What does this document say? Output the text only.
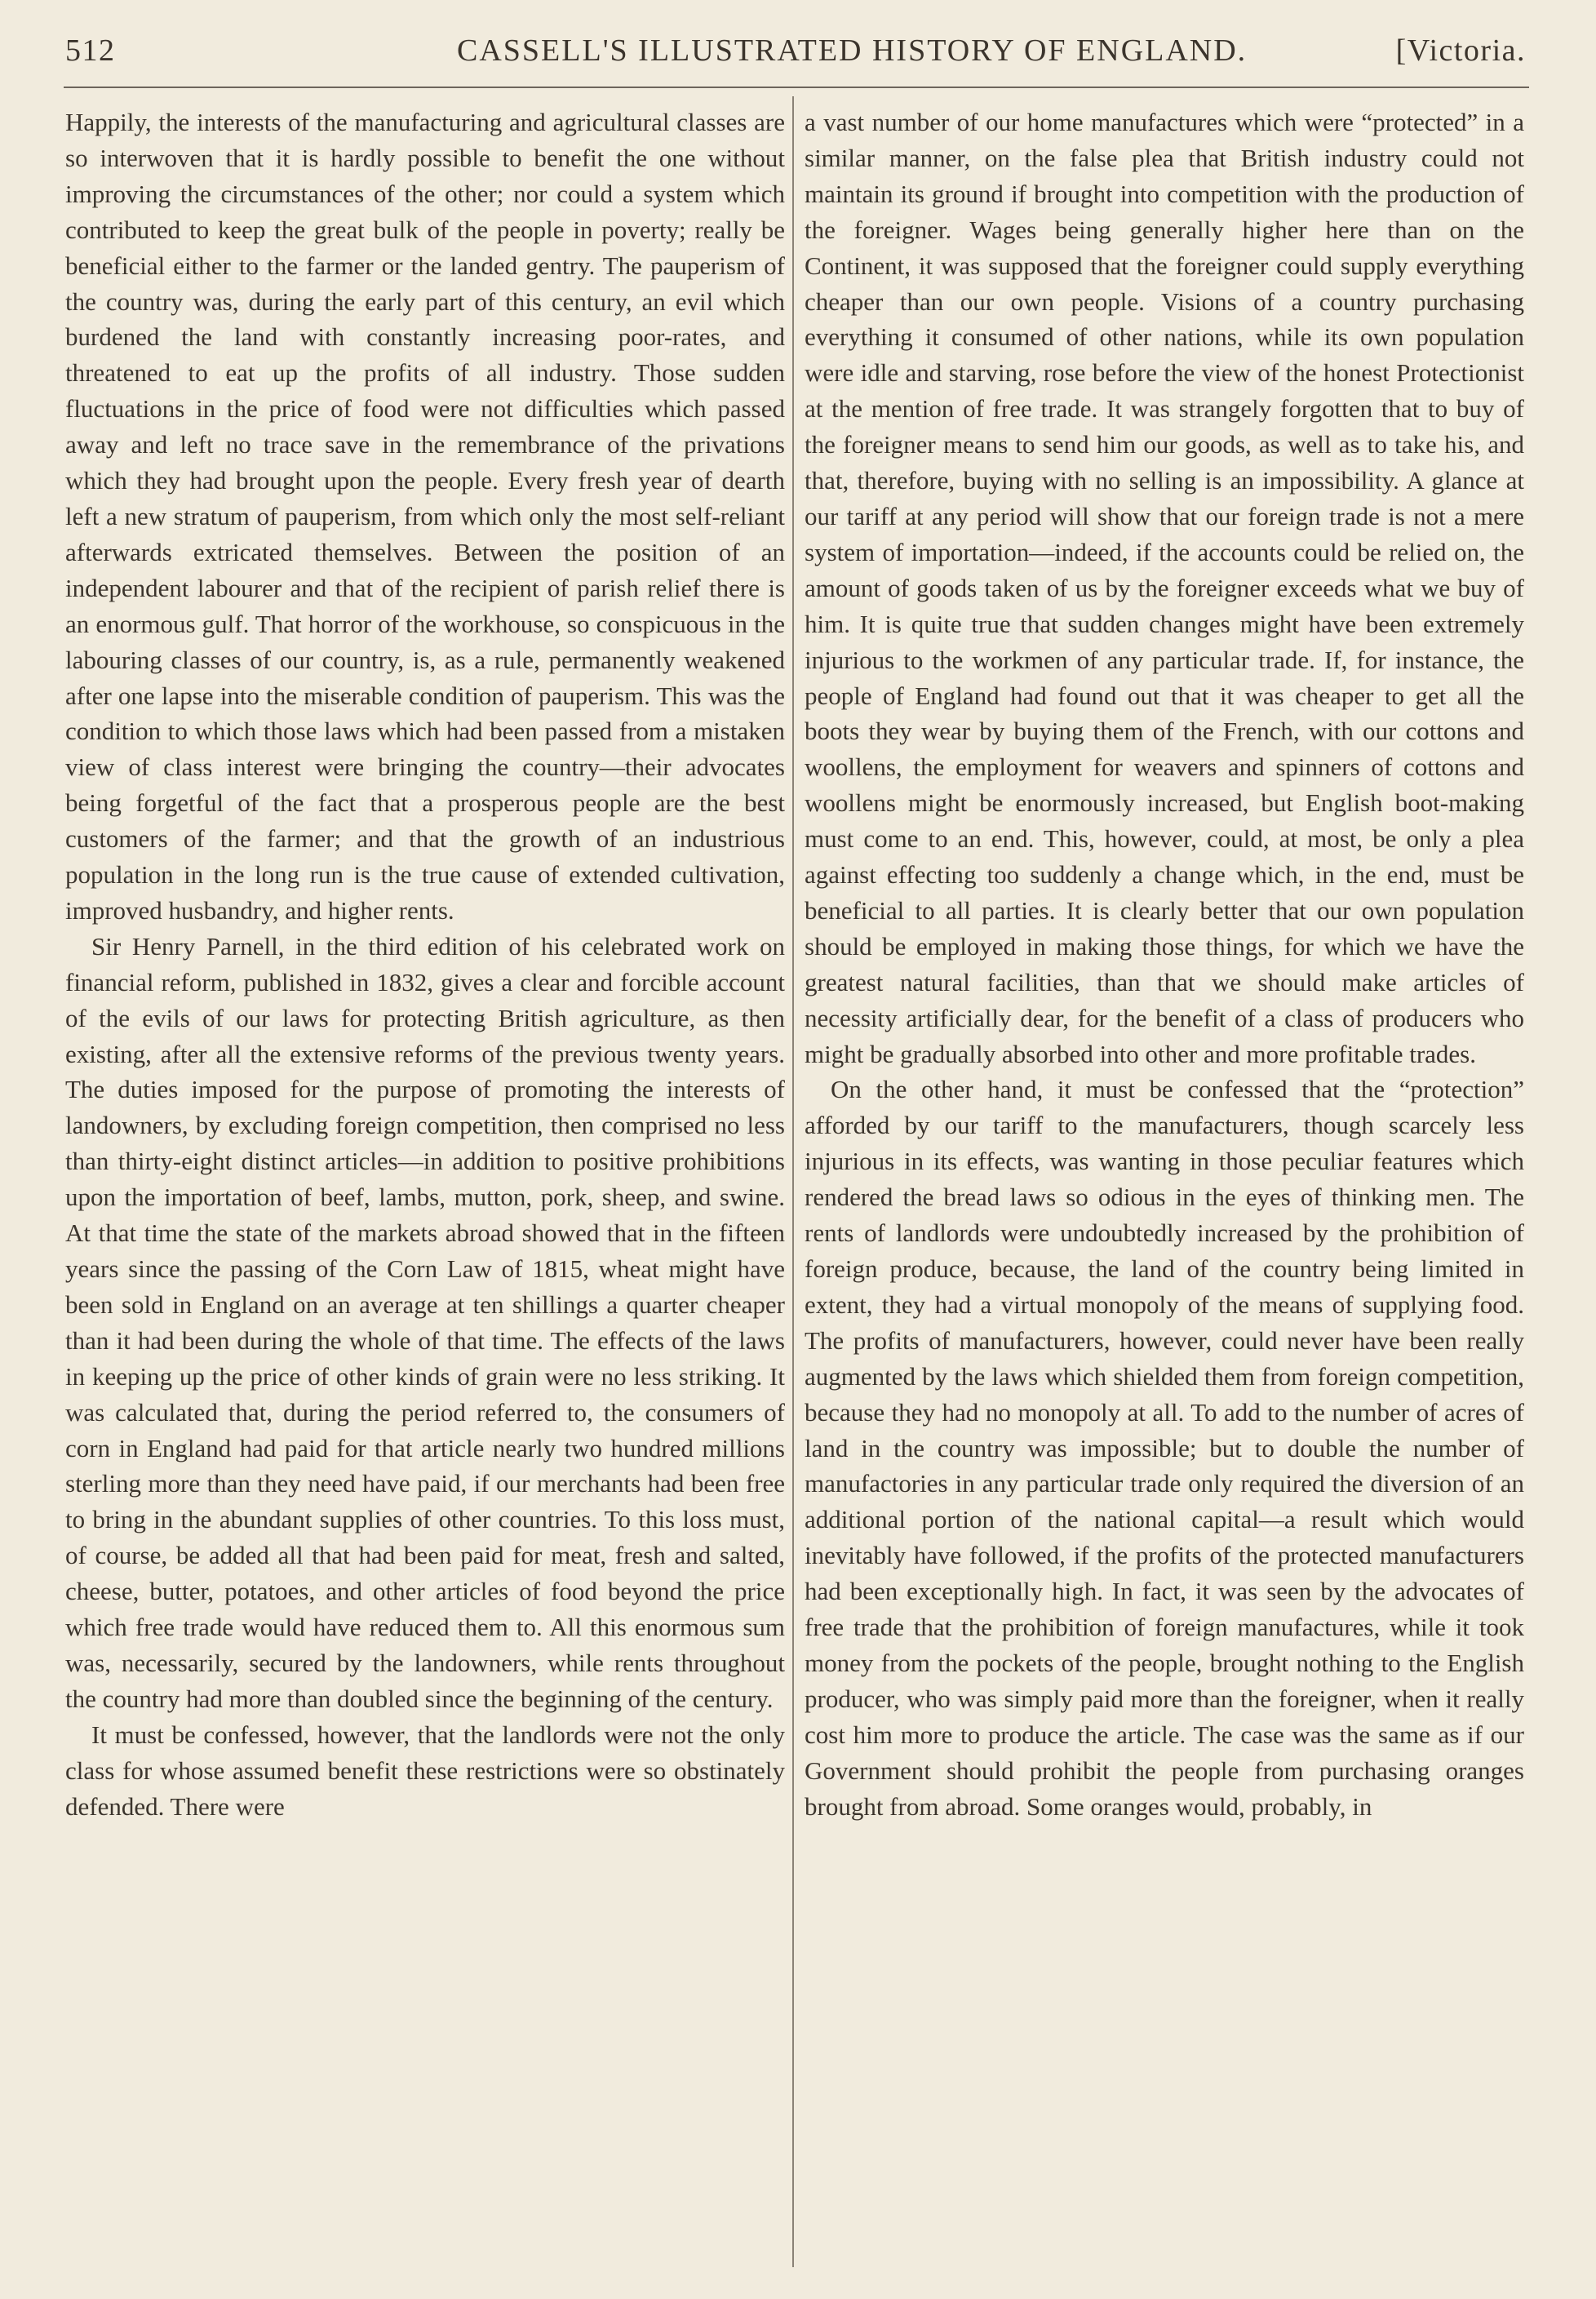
512	CASSELL'S ILLUSTRATED HISTORY OF ENGLAND.	[Victoria.

Happily, the interests of the manufacturing and agricultural classes are so interwoven that it is hardly possible to benefit the one without improving the circumstances of the other; nor could a system which contributed to keep the great bulk of the people in poverty; really be beneficial either to the farmer or the landed gentry. The pauperism of the country was, during the early part of this century, an evil which burdened the land with constantly increasing poor-rates, and threatened to eat up the profits of all industry. Those sudden fluctuations in the price of food were not difficulties which passed away and left no trace save in the remembrance of the privations which they had brought upon the people. Every fresh year of dearth left a new stratum of pauperism, from which only the most self-reliant afterwards extricated themselves. Between the position of an independent labourer and that of the recipient of parish relief there is an enormous gulf. That horror of the workhouse, so conspicuous in the labouring classes of our country, is, as a rule, permanently weakened after one lapse into the miserable condition of pauperism. This was the condition to which those laws which had been passed from a mistaken view of class interest were bringing the country—their advocates being forgetful of the fact that a prosperous people are the best customers of the farmer; and that the growth of an industrious population in the long run is the true cause of extended cultivation, improved husbandry, and higher rents.

Sir Henry Parnell, in the third edition of his celebrated work on financial reform, published in 1832, gives a clear and forcible account of the evils of our laws for protecting British agriculture, as then existing, after all the extensive reforms of the previous twenty years. The duties imposed for the purpose of promoting the interests of landowners, by excluding foreign competition, then comprised no less than thirty-eight distinct articles—in addition to positive prohibitions upon the importation of beef, lambs, mutton, pork, sheep, and swine. At that time the state of the markets abroad showed that in the fifteen years since the passing of the Corn Law of 1815, wheat might have been sold in England on an average at ten shillings a quarter cheaper than it had been during the whole of that time. The effects of the laws in keeping up the price of other kinds of grain were no less striking. It was calculated that, during the period referred to, the consumers of corn in England had paid for that article nearly two hundred millions sterling more than they need have paid, if our merchants had been free to bring in the abundant supplies of other countries. To this loss must, of course, be added all that had been paid for meat, fresh and salted, cheese, butter, potatoes, and other articles of food beyond the price which free trade would have reduced them to. All this enormous sum was, necessarily, secured by the landowners, while rents throughout the country had more than doubled since the beginning of the century.

It must be confessed, however, that the landlords were not the only class for whose assumed benefit these restrictions were so obstinately defended. There were

a vast number of our home manufactures which were “protected” in a similar manner, on the false plea that British industry could not maintain its ground if brought into competition with the production of the foreigner. Wages being generally higher here than on the Continent, it was supposed that the foreigner could supply everything cheaper than our own people. Visions of a country purchasing everything it consumed of other nations, while its own population were idle and starving, rose before the view of the honest Protectionist at the mention of free trade. It was strangely forgotten that to buy of the foreigner means to send him our goods, as well as to take his, and that, therefore, buying with no selling is an impossibility. A glance at our tariff at any period will show that our foreign trade is not a mere system of importation—indeed, if the accounts could be relied on, the amount of goods taken of us by the foreigner exceeds what we buy of him. It is quite true that sudden changes might have been extremely injurious to the workmen of any particular trade. If, for instance, the people of England had found out that it was cheaper to get all the boots they wear by buying them of the French, with our cottons and woollens, the employment for weavers and spinners of cottons and woollens might be enormously increased, but English boot-making must come to an end. This, however, could, at most, be only a plea against effecting too suddenly a change which, in the end, must be beneficial to all parties. It is clearly better that our own population should be employed in making those things, for which we have the greatest natural facilities, than that we should make articles of necessity artificially dear, for the benefit of a class of producers who might be gradually absorbed into other and more profitable trades.

On the other hand, it must be confessed that the “protection” afforded by our tariff to the manufacturers, though scarcely less injurious in its effects, was wanting in those peculiar features which rendered the bread laws so odious in the eyes of thinking men. The rents of landlords were undoubtedly increased by the prohibition of foreign produce, because, the land of the country being limited in extent, they had a virtual monopoly of the means of supplying food. The profits of manufacturers, however, could never have been really augmented by the laws which shielded them from foreign competition, because they had no monopoly at all. To add to the number of acres of land in the country was impossible; but to double the number of manufactories in any particular trade only required the diversion of an additional portion of the national capital—a result which would inevitably have followed, if the profits of the protected manufacturers had been exceptionally high. In fact, it was seen by the advocates of free trade that the prohibition of foreign manufactures, while it took money from the pockets of the people, brought nothing to the English producer, who was simply paid more than the foreigner, when it really cost him more to produce the article. The case was the same as if our Government should prohibit the people from purchasing oranges brought from abroad. Some oranges would, probably, in
